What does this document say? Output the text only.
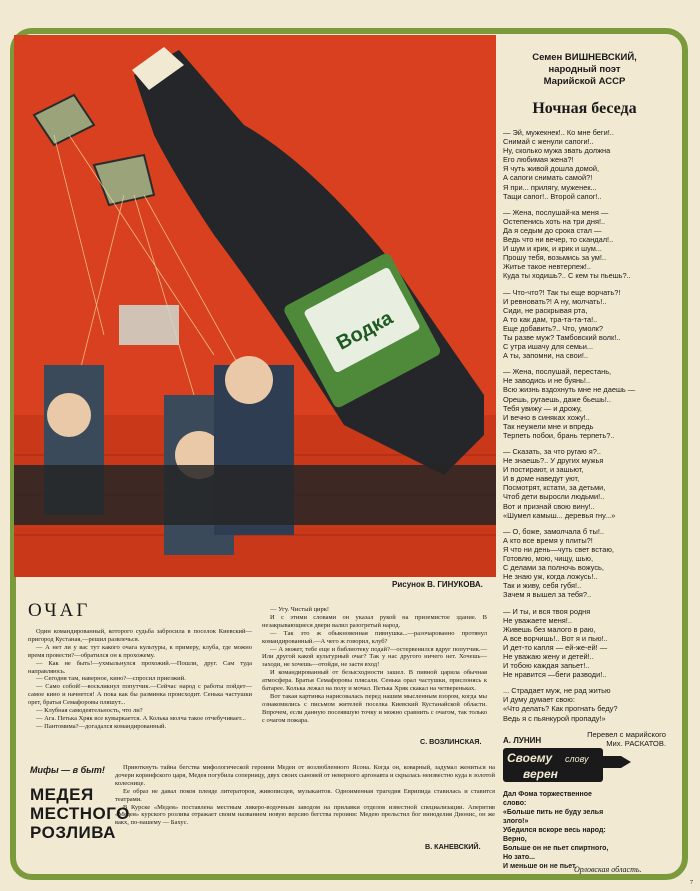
Водка
Рисунок В. ГИНУКОВА.
Семен ВИШНЕВСКИЙ,
народный поэт
Марийской АССР
Ночная беседа
— Эй, мужекнек!.. Ко мне беги!..
Снимай с женули сапоги!..
Ну, сколько мужа звать должна
Его любимая жена?!
Я чуть живой дошла домой,
А сапоги снимать самой?!
Я при... прилягу, муженек...
Тащи сапог!.. Второй сапог!..
— Жена, послушай-ка меня —
Остепенись хоть на три дня!..
Да я седым до срока стал —
Ведь что ни вечер, то скандал!..
И шум и крик, и крик и шум...
Прошу тебя, возьмись за ум!..
Житье такое невтерпеж!..
Куда ты ходишь?.. С кем ты пьешь?..
— Что-что?! Так ты еще ворчать?!
И ревновать?! А ну, молчать!..
Сиди, не раскрывая рта,
А то как дам, тра-та-та-та!..
Еще добавить?.. Что, умолк?
Ты разве муж? Тамбовский волк!..
С утра ишачу для семьи...
А ты, запомни, на свои!..
— Жена, послушай, перестань,
Не заводись и не буянь!..
Всю жизнь вздохнуть мне не даешь —
Орешь, ругаешь, даже бьешь!..
Тебя увижу — и дрожу,
И вечно в синяках хожу!..
Так неужели мне и впредь
Терпеть побои, брань терпеть?..
— Сказать, за что ругаю я?..
Не знаешь?.. У других мужья
И постирают, и зашьют,
И в доме наведут уют,
Посмотрят, кстати, за детьми,
Чтоб дети выросли людьми!..
Вот и признай свою вину!..
«Шумел камыш... деревья гну...»
— О, боже, замолчала б ты!..
А кто все время у плиты?!
Я что ни день—чуть свет встаю,
Готовлю, мою, чищу, шью,
С делами за полночь вожусь,
Не знаю уж, когда ложусь!..
Так и живу, себя губя!..
Зачем я вышел за тебя?..
— И ты, и вся твоя родня
Не уважаете меня!..
Живешь без малого в раю,
А все ворчишь!.. Вот я и пью!..
И дет-то капля — ей-же-ей! —
Не уважаю жену и детей!..
И тобою каждая запьет!..
Не нравится —беги разводи!..
... Страдает муж, не рад житью
И думу думает свою:
«Что делать? Как прогнать беду?
Ведь я с пьянкурой пропаду!»
Перевел с марийского
Мих. РАСКАТОВ.
ОЧАГ

Один командированный, которого судьба забросила в поселок Киевский—пригород Кустаная,—решил развлечься.

— А нет ли у вас тут какого очага культуры, к примеру, клуба, где можно время провести?—обратился он к прохожему.

— Как не быть!—ухмыльнулся прохожий.—Пошли, друг. Сам туда направляюсь.

— Сегодня там, наверное, кино?—спросил приезжий.

— Само собой!—воскликнул попутчик.—Сейчас народ с работы пойдет—самое кино и начнется! А пока как бы разминка происходит. Сенька частушки орет, братья Семафоровы пляшут...

— Клубная самодеятельность, что ли?

— Ага. Петька Хряк все кувыркается. А Колька молча такое отчебучивает...

— Пантомима?—догадался командированный.

— Угу. Чистый цирк!

И с этими словами он указал рукой на приземистое здание. В незакрывающиеся двери валил разогретый народ.

— Так это ж обыкновенная пивнушка...—разочарованно протянул командированный.—А чего ж говорил, клуб?

— А может, тебе еще и библиотеку подай?—остервенился вдруг попутчик.—Или другой какой культурный очаг? Так у нас другого ничего нет. Хочешь—заходи, не хочешь—отойди, не застя вход!

И командированный от безысходности зашел. В пивной царила обычная атмосфера. Братья Семафоровы плясали. Сенька орал частушки, прислонясь к батарее. Колька лежал на полу и мочал. Петька Хряк скакал на четвереньках.

Вот такая картинка нарисовалась перед нашим мысленным взором, когда мы ознакомились с письмом жителей поселка Киевский Кустанайской области. Впрочем, если данную посеявшую точку и можно сравнить с очагом, так только с очагом пожара.

С. ВОЗЛИНСКАЯ.
Мифы — в быт!
МЕДЕЯ
МЕСТНОГО
РОЗЛИВА

Приюткнуть тайна бегства мифологической героини Медеи от возлюбленного Ясона. Когда он, коварный, задумал жениться на дочери коринфского царя, Медея погубила соперницу, двух своих сыновей от неверного аргонавта и скрылась неизвестно куда в золотой колеснице.

Ее образ не давал покоя плеяде литераторов, живописцев, музыкантов. Одноименная трагедия Еврипида ставилась и ставится театрами.

В Курске «Медея» поставлена местным ликеро-водочным заводом на прилавки отделов известной специализации. Аперитив «Медея» курского розлива отражает своим названием новую версию бегства героини: Медею прельстил бог виноделия Дионис, он же вакх, по-нашему — Бахус.

В. КАНЕВСКИЙ.
А. ЛУНИН
Своему слову
верен
Дал Фома торжественное
слово:
«Больше пить не буду зелья
злого!»
Убедился вскоре весь народ:
Верно,
Больше он не пьет спиртного,
Но зато...
И меньше он не пьет.
Орловская область.
7
